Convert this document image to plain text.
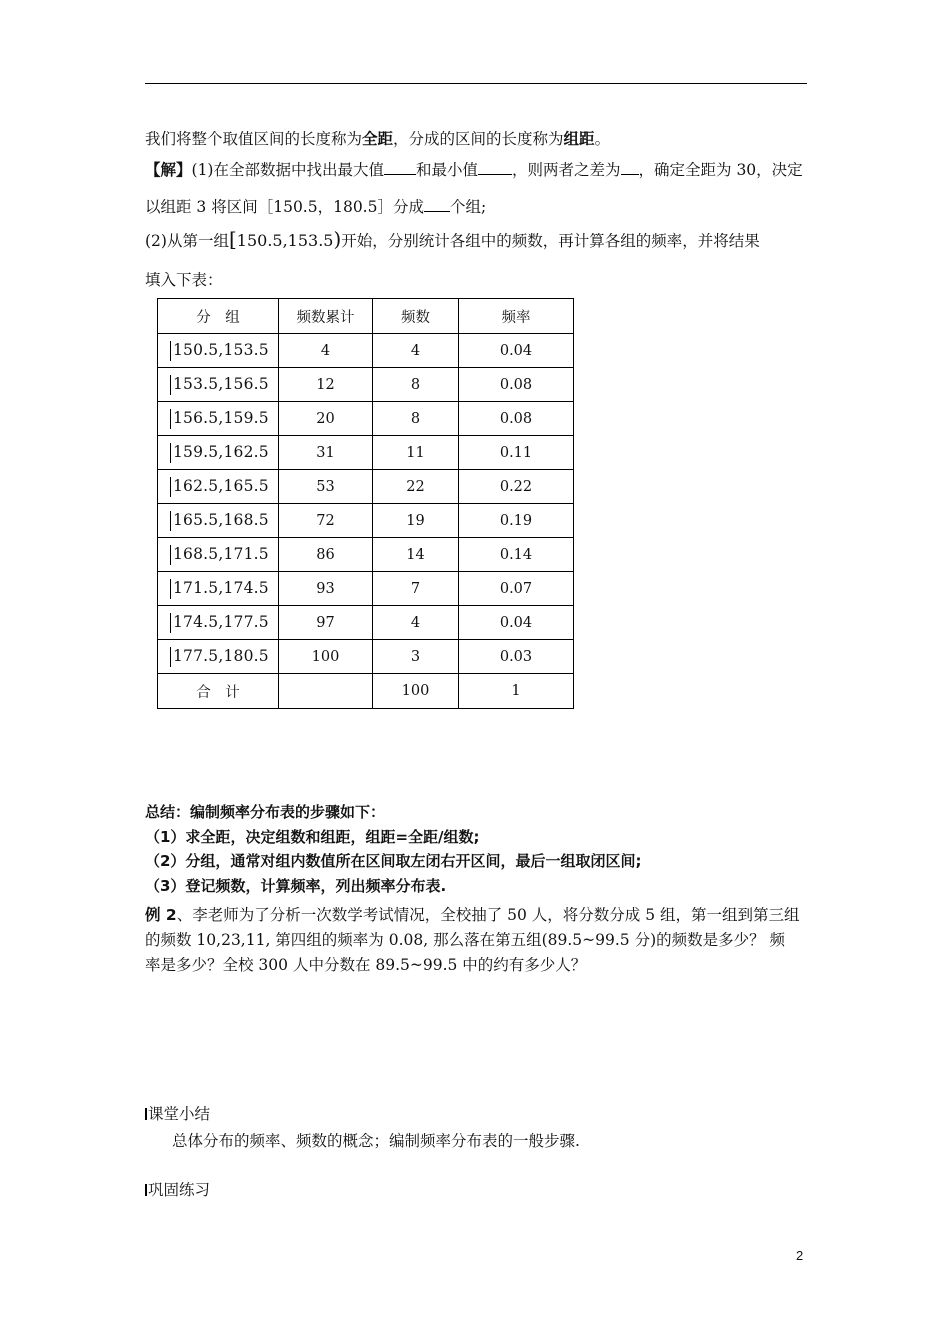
我们将整个取值区间的长度称为全距，分成的区间的长度称为组距。
【解】(1)在全部数据中找出最大值 和最小值 ，则两者之差为 ，确定全距为 30，决定
以组距 3 将区间［150.5，180.5］分成 个组;
(2)从第一组[150.5,153.5)开始，分别统计各组中的频数，再计算各组的频率，并将结果
填入下表：
分　组	频数累计	频数	频率
150.5,153.5	4	4	0.04
153.5,156.5	12	8	0.08
156.5,159.5	20	8	0.08
159.5,162.5	31	11	0.11
162.5,165.5	53	22	0.22
165.5,168.5	72	19	0.19
168.5,171.5	86	14	0.14
171.5,174.5	93	7	0.07
174.5,177.5	97	4	0.04
177.5,180.5	100	3	0.03
合　计		100	1
总结：编制频率分布表的步骤如下：
（1）求全距，决定组数和组距，组距=全距/组数;
（2）分组，通常对组内数值所在区间取左闭右开区间，最后一组取闭区间;
（3）登记频数，计算频率，列出频率分布表.
例 2、李老师为了分析一次数学考试情况，全校抽了 50 人，将分数分成 5 组，第一组到第三组
的频数 10,23,11, 第四组的频率为 0.08, 那么落在第五组(89.5~99.5 分)的频数是多少？ 频
率是多少？全校 300 人中分数在 89.5~99.5 中的约有多少人？
课堂小结
总体分布的频率、频数的概念；编制频率分布表的一般步骤.
巩固练习
2
